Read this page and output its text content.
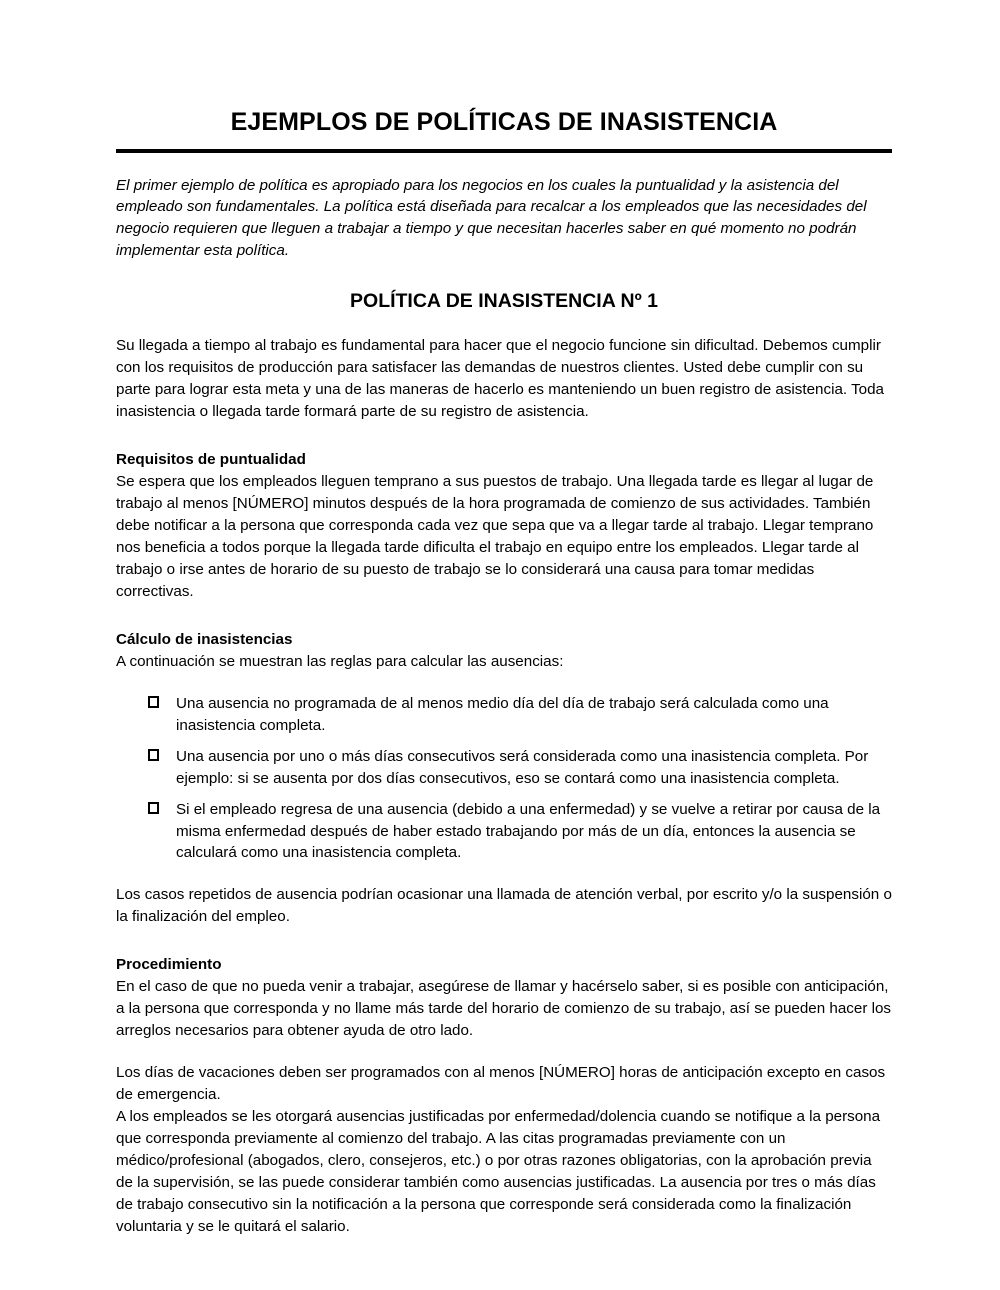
EJEMPLOS DE POLÍTICAS DE INASISTENCIA

El primer ejemplo de política es apropiado para los negocios en los cuales la puntualidad y la asistencia del empleado son fundamentales. La política está diseñada para recalcar a los empleados que las necesidades del negocio requieren que lleguen a trabajar a tiempo y que necesitan hacerles saber en qué momento no podrán implementar esta política.

POLÍTICA DE INASISTENCIA Nº 1

Su llegada a tiempo al trabajo es fundamental para hacer que el negocio funcione sin dificultad. Debemos cumplir con los requisitos de producción para satisfacer las demandas de nuestros clientes. Usted debe cumplir con su parte para lograr esta meta y una de las maneras de hacerlo es manteniendo un buen registro de asistencia. Toda inasistencia o llegada tarde formará parte de su registro de asistencia.

Requisitos de puntualidad

Se espera que los empleados lleguen temprano a sus puestos de trabajo. Una llegada tarde es llegar al lugar de trabajo al menos [NÚMERO] minutos después de la hora programada de comienzo de sus actividades. También debe notificar a la persona que corresponda cada vez que sepa que va a llegar tarde al trabajo. Llegar temprano nos beneficia a todos porque la llegada tarde dificulta el trabajo en equipo entre los empleados. Llegar tarde al trabajo o irse antes de horario de su puesto de trabajo se lo considerará una causa para tomar medidas correctivas.

Cálculo de inasistencias

A continuación se muestran las reglas para calcular las ausencias:

Una ausencia no programada de al menos medio día del día de trabajo será calculada como una inasistencia completa.
Una ausencia por uno o más días consecutivos será considerada como una inasistencia completa. Por ejemplo: si se ausenta por dos días consecutivos, eso se contará como una inasistencia completa.
Si el empleado regresa de una ausencia (debido a una enfermedad) y se vuelve a retirar por causa de la misma enfermedad después de haber estado trabajando por más de un día, entonces la ausencia se calculará como una inasistencia completa.

Los casos repetidos de ausencia podrían ocasionar una llamada de atención verbal, por escrito y/o la suspensión o la finalización del empleo.

Procedimiento

En el caso de que no pueda venir a trabajar, asegúrese de llamar y hacérselo saber, si es posible con anticipación, a la persona que corresponda y no llame más tarde del horario de comienzo de su trabajo, así se pueden hacer los arreglos necesarios para obtener ayuda de otro lado.

Los días de vacaciones deben ser programados con al menos [NÚMERO] horas de anticipación excepto en casos de emergencia.

A los empleados se les otorgará ausencias justificadas por enfermedad/dolencia cuando se notifique a la persona que corresponda previamente al comienzo del trabajo. A las citas programadas previamente con un médico/profesional (abogados, clero, consejeros, etc.) o por otras razones obligatorias, con la aprobación previa de la supervisión, se las puede considerar también como ausencias justificadas. La ausencia por tres o más días de trabajo consecutivo sin la notificación a la persona que corresponde será considerada como la finalización voluntaria y se le quitará el salario.
